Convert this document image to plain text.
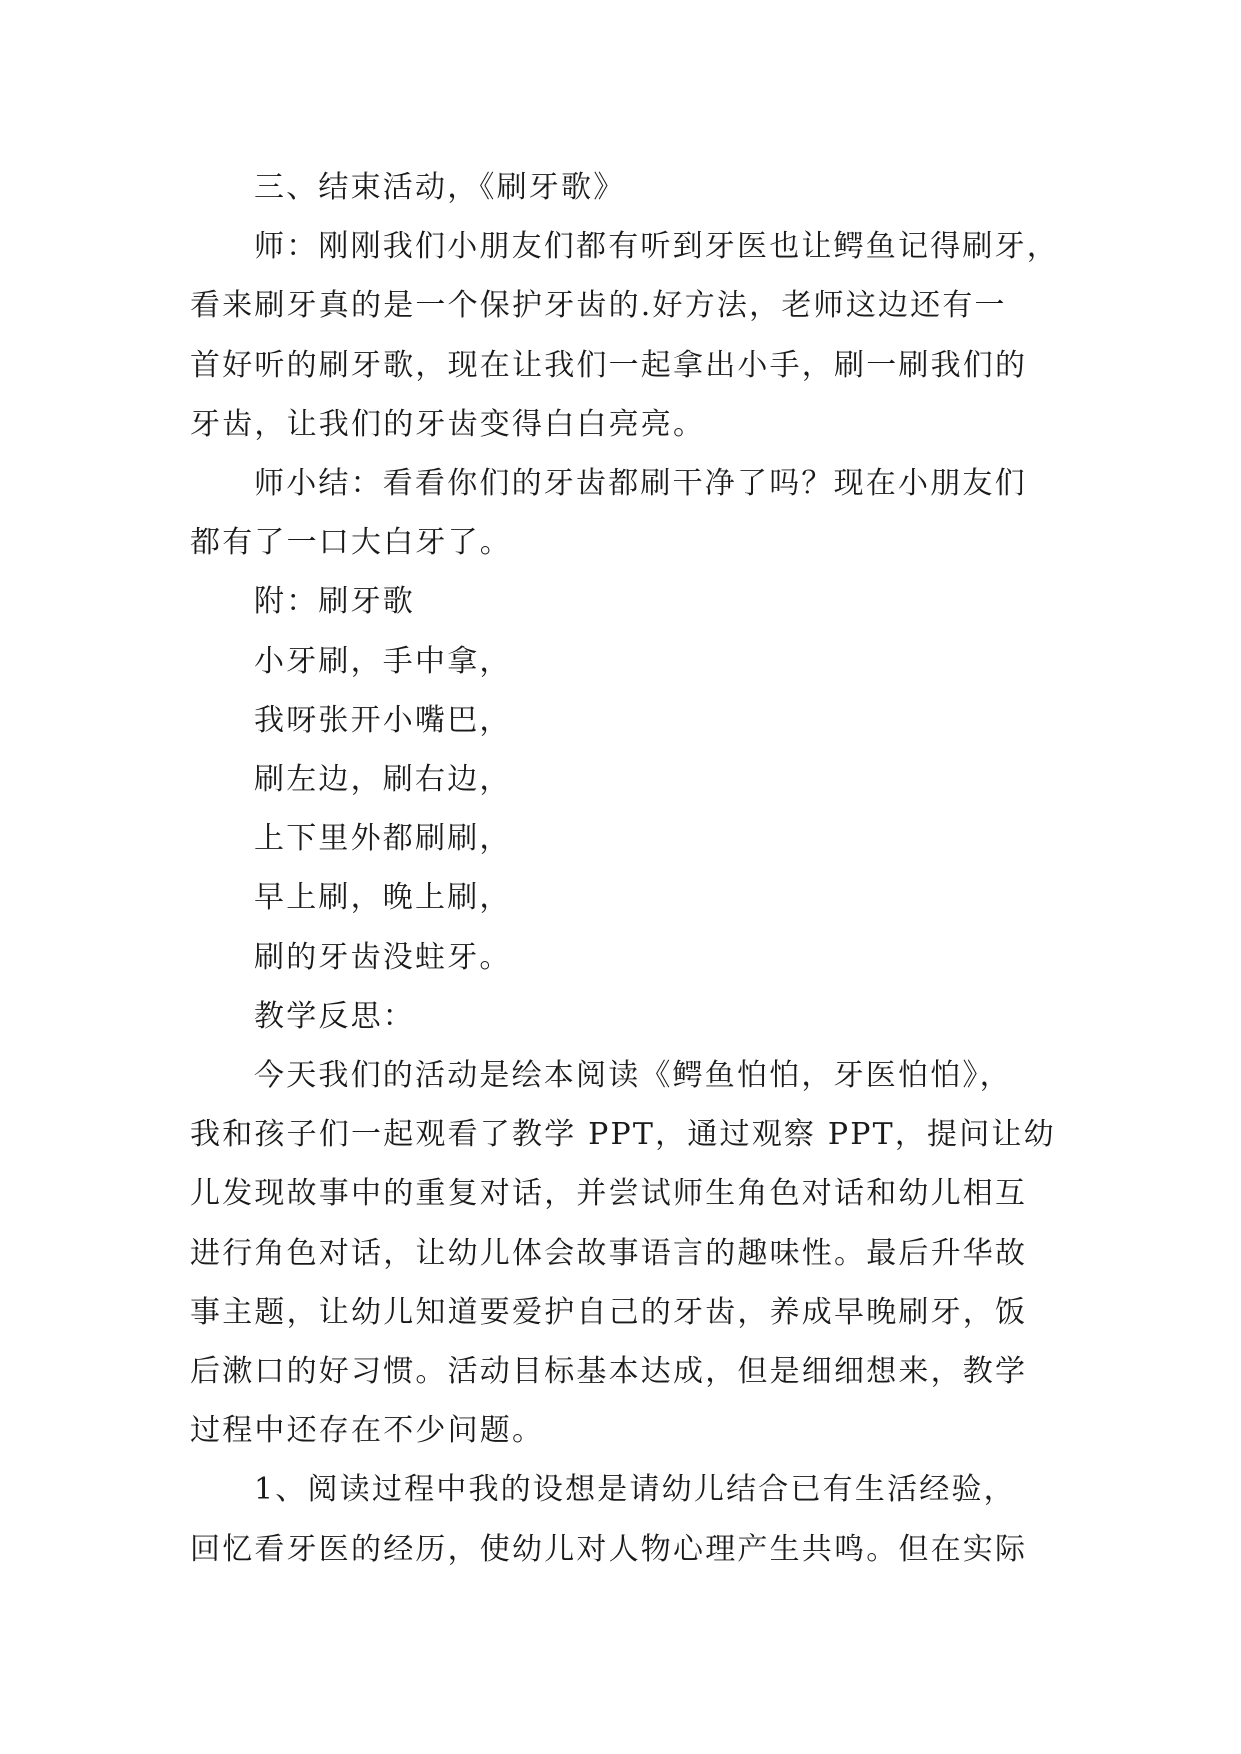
三、结束活动，《刷牙歌》

师：刚刚我们小朋友们都有听到牙医也让鳄鱼记得刷牙，
看来刷牙真的是一个保护牙齿的.好方法，老师这边还有一
首好听的刷牙歌，现在让我们一起拿出小手，刷一刷我们的
牙齿，让我们的牙齿变得白白亮亮。

师小结：看看你们的牙齿都刷干净了吗？现在小朋友们
都有了一口大白牙了。

附：刷牙歌

小牙刷，手中拿，

我呀张开小嘴巴，

刷左边，刷右边，

上下里外都刷刷，

早上刷，晚上刷，

刷的牙齿没蛀牙。

教学反思：

今天我们的活动是绘本阅读《鳄鱼怕怕，牙医怕怕》，
我和孩子们一起观看了教学 PPT，通过观察 PPT，提问让幼
儿发现故事中的重复对话，并尝试师生角色对话和幼儿相互
进行角色对话，让幼儿体会故事语言的趣味性。最后升华故
事主题，让幼儿知道要爱护自己的牙齿，养成早晚刷牙，饭
后漱口的好习惯。活动目标基本达成，但是细细想来，教学
过程中还存在不少问题。

1、阅读过程中我的设想是请幼儿结合已有生活经验，
回忆看牙医的经历，使幼儿对人物心理产生共鸣。但在实际
